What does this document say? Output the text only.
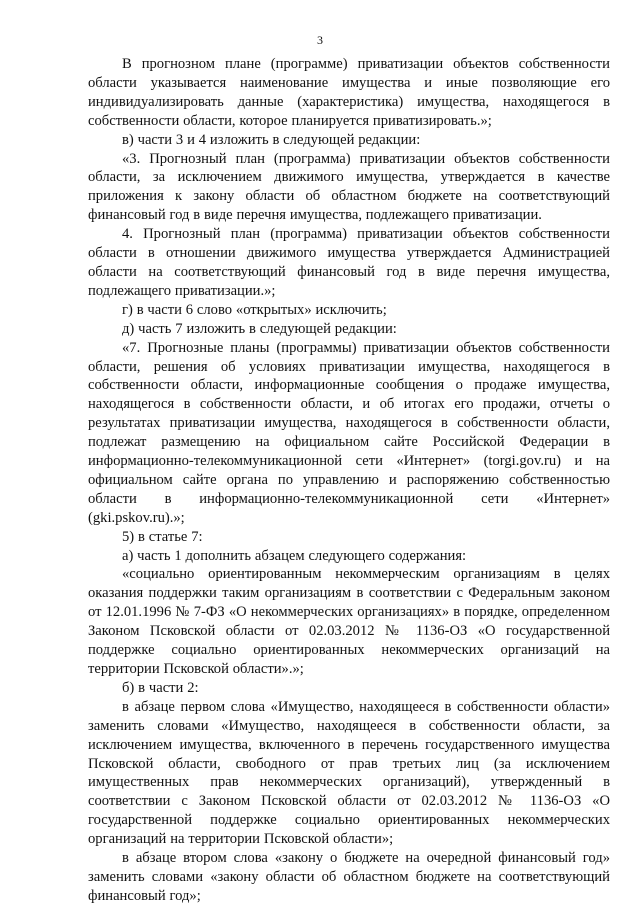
3

В прогнозном плане (программе) приватизации объектов собственности области указывается наименование имущества и иные позволяющие его индивидуализировать данные (характеристика) имущества, находящегося в собственности области, которое планируется приватизировать.»;

в) части 3 и 4 изложить в следующей редакции:

«3. Прогнозный план (программа) приватизации объектов собственности области, за исключением движимого имущества, утверждается в качестве приложения к закону области об областном бюджете на соответствующий финансовый год в виде перечня имущества, подлежащего приватизации.

4. Прогнозный план (программа) приватизации объектов собственности области в отношении движимого имущества утверждается Администрацией области на соответствующий финансовый год в виде перечня имущества, подлежащего приватизации.»;

г) в части 6 слово «открытых» исключить;

д) часть 7 изложить в следующей редакции:

«7. Прогнозные планы (программы) приватизации объектов собственности области, решения об условиях приватизации имущества, находящегося в собственности области, информационные сообщения о продаже имущества, находящегося в собственности области, и об итогах его продажи, отчеты о результатах приватизации имущества, находящегося в собственности области, подлежат размещению на официальном сайте Российской Федерации в информационно-телекоммуникационной сети «Интернет» (torgi.gov.ru) и на официальном сайте органа по управлению и распоряжению собственностью области в информационно-телекоммуникационной сети «Интернет» (gki.pskov.ru).»;

5) в статье 7:

а) часть 1 дополнить абзацем следующего содержания:

«социально ориентированным некоммерческим организациям в целях оказания поддержки таким организациям в соответствии с Федеральным законом от 12.01.1996 № 7-ФЗ «О некоммерческих организациях» в порядке, определенном Законом Псковской области от 02.03.2012 № 1136-ОЗ «О государственной поддержке социально ориентированных некоммерческих организаций на территории Псковской области».»;

б) в части 2:

в абзаце первом слова «Имущество, находящееся в собственности области» заменить словами «Имущество, находящееся в собственности области, за исключением имущества, включенного в перечень государственного имущества Псковской области, свободного от прав третьих лиц (за исключением имущественных прав некоммерческих организаций), утвержденный в соответствии с Законом Псковской области от 02.03.2012 № 1136-ОЗ «О государственной поддержке социально ориентированных некоммерческих организаций на территории Псковской области»;

в абзаце втором слова «закону о бюджете на очередной финансовый год» заменить словами «закону области об областном бюджете на соответствующий финансовый год»;
